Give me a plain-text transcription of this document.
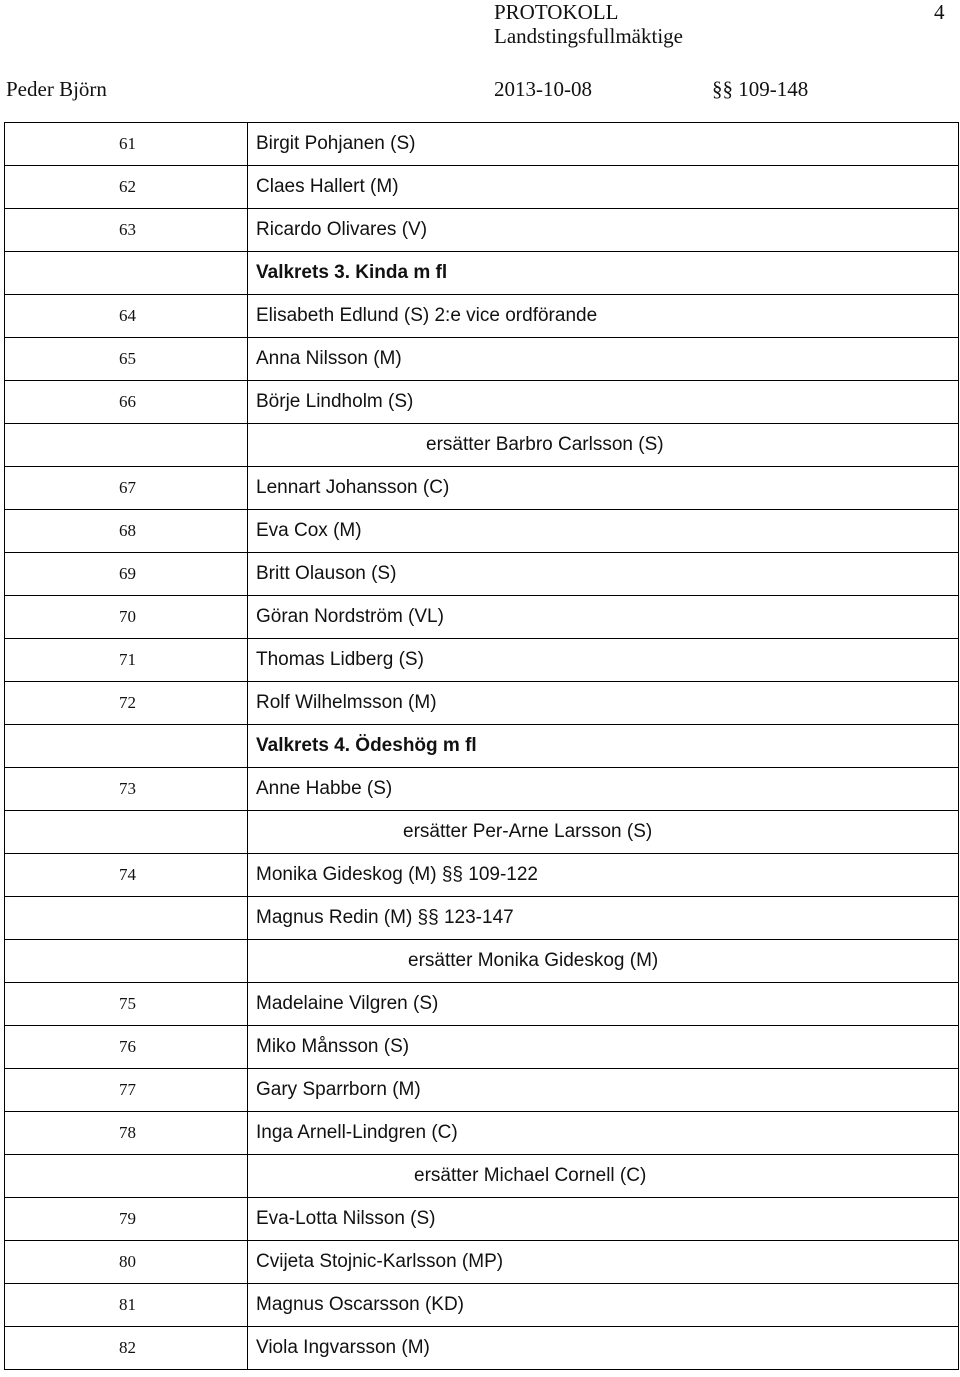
PROTOKOLL	4
Landstingsfullmäktige
Peder Björn	2013-10-08	§§ 109-148
61	Birgit Pohjanen (S)
62	Claes Hallert (M)
63	Ricardo Olivares (V)
	Valkrets 3. Kinda m fl
64	Elisabeth Edlund (S) 2:e vice ordförande
65	Anna Nilsson (M)
66	Börje Lindholm (S)
	ersätter Barbro Carlsson (S)
67	Lennart Johansson (C)
68	Eva Cox (M)
69	Britt Olauson (S)
70	Göran Nordström (VL)
71	Thomas Lidberg (S)
72	Rolf Wilhelmsson (M)
	Valkrets 4. Ödeshög m fl
73	Anne Habbe (S)
	ersätter Per-Arne Larsson (S)
74	Monika Gideskog (M) §§ 109-122
	Magnus Redin (M) §§ 123-147
	ersätter Monika Gideskog (M)
75	Madelaine Vilgren (S)
76	Miko Månsson (S)
77	Gary Sparrborn (M)
78	Inga Arnell-Lindgren (C)
	ersätter Michael Cornell (C)
79	Eva-Lotta Nilsson (S)
80	Cvijeta Stojnic-Karlsson (MP)
81	Magnus Oscarsson (KD)
82	Viola Ingvarsson (M)
